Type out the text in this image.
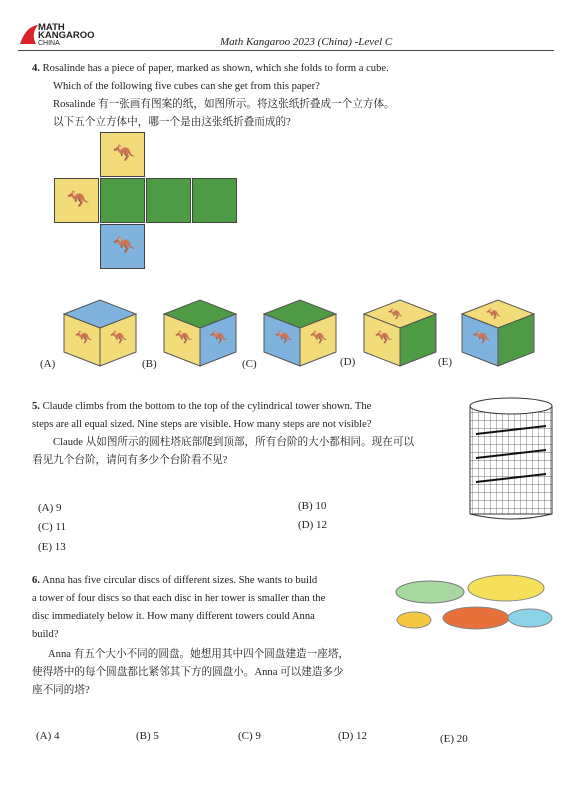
MATH
KANGAROO
CHINA	Math Kangaroo 2023 (China) -Level C
4. Rosalinde has a piece of paper, marked as shown, which she folds to form a cube.
Which of the following five cubes can she get from this paper?
Rosalinde 有一张画有图案的纸，如图所示。将这张纸折叠成一个立方体。
以下五个立方体中，哪一个是由这张纸折叠而成的?
🦘
🦘
🦘
🦘 🦘
(A)
🦘 🦘
(B)
🦘 🦘
(C)
🦘
🦘
(D)
🦘
🦘
(E)
5. Claude climbs from the bottom to the top of the cylindrical tower shown. The
steps are all equal sized. Nine steps are visible. How many steps are not visible?
Claude 从如图所示的圆柱塔底部爬到顶部，所有台阶的大小都相同。现在可以
看见九个台阶，请问有多少个台阶看不见?
(A) 9	(B) 10
(C) 11	(D) 12
(E) 13
6. Anna has five circular discs of different sizes. She wants to build
a tower of four discs so that each disc in her tower is smaller than the
disc immediately below it. How many different towers could Anna
build?
Anna 有五个大小不同的圆盘。她想用其中四个圆盘建造一座塔，
使得塔中的每个圆盘都比紧邻其下方的圆盘小。Anna 可以建造多少
座不同的塔?
(A) 4	(B) 5	(C) 9	(D) 12	(E) 20
